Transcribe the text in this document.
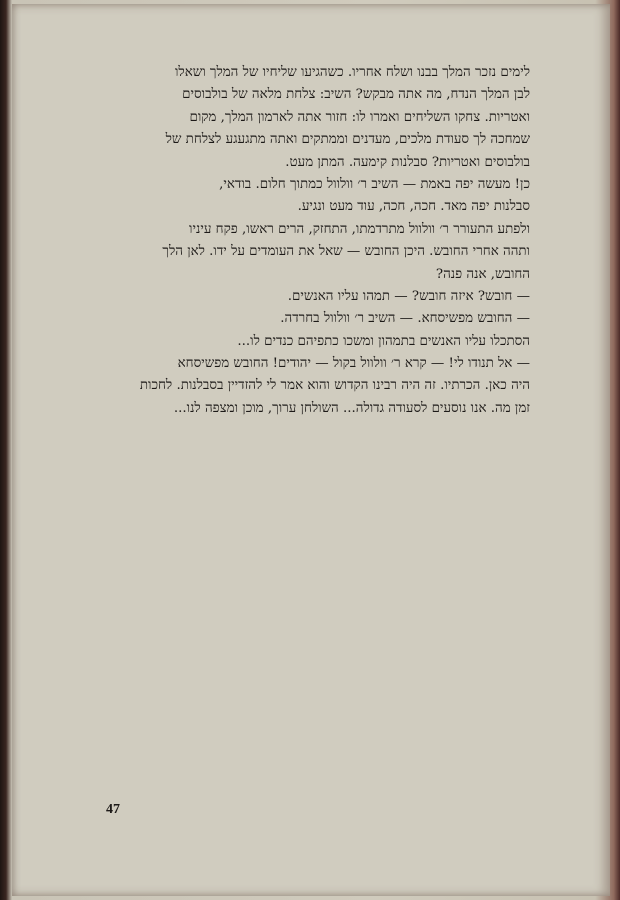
לימים נזכר המלך בבנו ושלח אחריו. כשהגיעו שליחיו של המלך ושאלו
לבן המלך הנדח, מה אתה מבקש? השיב: צלחת מלאה של בולבוסים
ואטריות. צחקו השליחים ואמרו לו: חזור אתה לארמון המלך, מקום
שמחכה לך סעודת מלכים, מעדנים וממתקים ואתה מתגעגע לצלחת של
בולבוסים ואטריות? סבלנות קימעה. המתן מעט.
כן! מעשה יפה באמת — השיב ר׳ וולוול כמתוך חלום. בודאי,
סבלנות יפה מאד. חכה, חכה, עוד מעט ונגיע.
ולפתע התעורר ר׳ וולוול מתרדמתו, התחזק, הרים ראשו, פקח עיניו
ותהה אחרי החובש. היכן החובש — שאל את העומדים על ידו. לאן הלך
החובש, אנה פנה?
— חובש? איזה חובש? — תמהו עליו האנשים.
— החובש מפשיסחא. — השיב ר׳ וולוול בחרדה.
הסתכלו עליו האנשים בתמהון ומשכו כתפיהם כנדים לו...
— אל תנודו לי! — קרא ר׳ וולוול בקול — יהודים! החובש מפשיסחא
היה כאן. הכרתיו. זה היה רבינו הקדוש והוא אמר לי להזדיין בסבלנות. לחכות
זמן מה. אנו נוסעים לסעודה גדולה... השולחן ערוך, מוכן ומצפה לנו...
47
